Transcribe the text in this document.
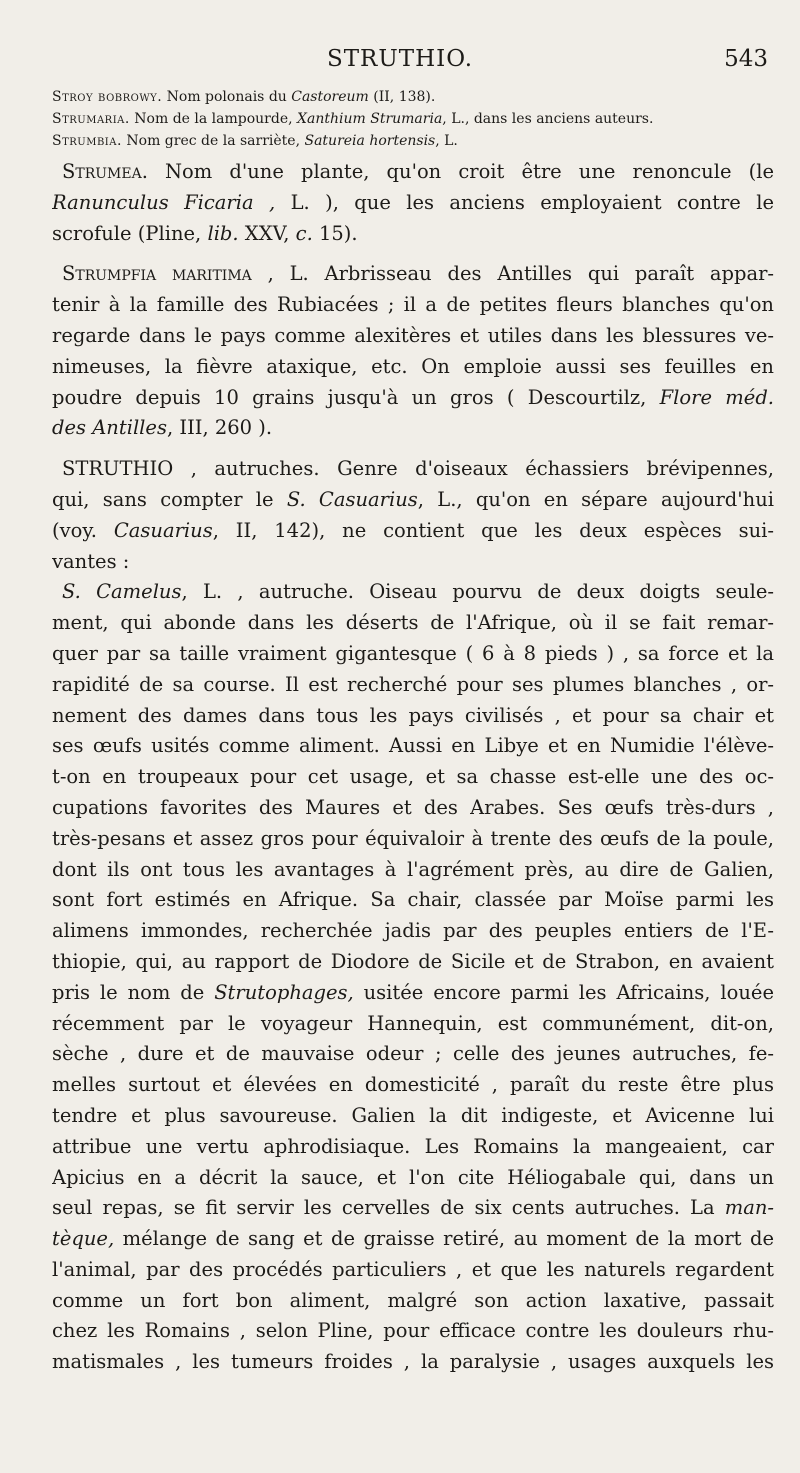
STRUTHIO.	543
Stroy bobrowy. Nom polonais du Castoreum (II, 138).
Strumaria. Nom de la lampourde, Xanthium Strumaria, L., dans les anciens auteurs.
Strumbia. Nom grec de la sarriète, Satureia hortensis, L.
Strumea. Nom d'une plante, qu'on croit être une renoncule (le
Ranunculus Ficaria , L. ), que les anciens employaient contre le
scrofule (Pline, lib. XXV, c. 15).
Strumpfia maritima , L. Arbrisseau des Antilles qui paraît appar-
tenir à la famille des Rubiacées ; il a de petites fleurs blanches qu'on
regarde dans le pays comme alexitères et utiles dans les blessures ve-
nimeuses, la fièvre ataxique, etc. On emploie aussi ses feuilles en
poudre depuis 10 grains jusqu'à un gros ( Descourtilz, Flore méd.
des Antilles, III, 260 ).
STRUTHIO , autruches. Genre d'oiseaux échassiers brévipennes,
qui, sans compter le S. Casuarius, L., qu'on en sépare aujourd'hui
(voy. Casuarius, II, 142), ne contient que les deux espèces sui-
vantes :
S. Camelus, L. , autruche. Oiseau pourvu de deux doigts seule-
ment, qui abonde dans les déserts de l'Afrique, où il se fait remar-
quer par sa taille vraiment gigantesque ( 6 à 8 pieds ) , sa force et la
rapidité de sa course. Il est recherché pour ses plumes blanches , or-
nement des dames dans tous les pays civilisés , et pour sa chair et
ses œufs usités comme aliment. Aussi en Libye et en Numidie l'élève-
t-on en troupeaux pour cet usage, et sa chasse est-elle une des oc-
cupations favorites des Maures et des Arabes. Ses œufs très-durs ,
très-pesans et assez gros pour équivaloir à trente des œufs de la poule,
dont ils ont tous les avantages à l'agrément près, au dire de Galien,
sont fort estimés en Afrique. Sa chair, classée par Moïse parmi les
alimens immondes, recherchée jadis par des peuples entiers de l'E-
thiopie, qui, au rapport de Diodore de Sicile et de Strabon, en avaient
pris le nom de Strutophages, usitée encore parmi les Africains, louée
récemment par le voyageur Hannequin, est communément, dit-on,
sèche , dure et de mauvaise odeur ; celle des jeunes autruches, fe-
melles surtout et élevées en domesticité , paraît du reste être plus
tendre et plus savoureuse. Galien la dit indigeste, et Avicenne lui
attribue une vertu aphrodisiaque. Les Romains la mangeaient, car
Apicius en a décrit la sauce, et l'on cite Héliogabale qui, dans un
seul repas, se fit servir les cervelles de six cents autruches. La man-
tèque, mélange de sang et de graisse retiré, au moment de la mort de
l'animal, par des procédés particuliers , et que les naturels regardent
comme un fort bon aliment, malgré son action laxative, passait
chez les Romains , selon Pline, pour efficace contre les douleurs rhu-
matismales , les tumeurs froides , la paralysie , usages auxquels les
